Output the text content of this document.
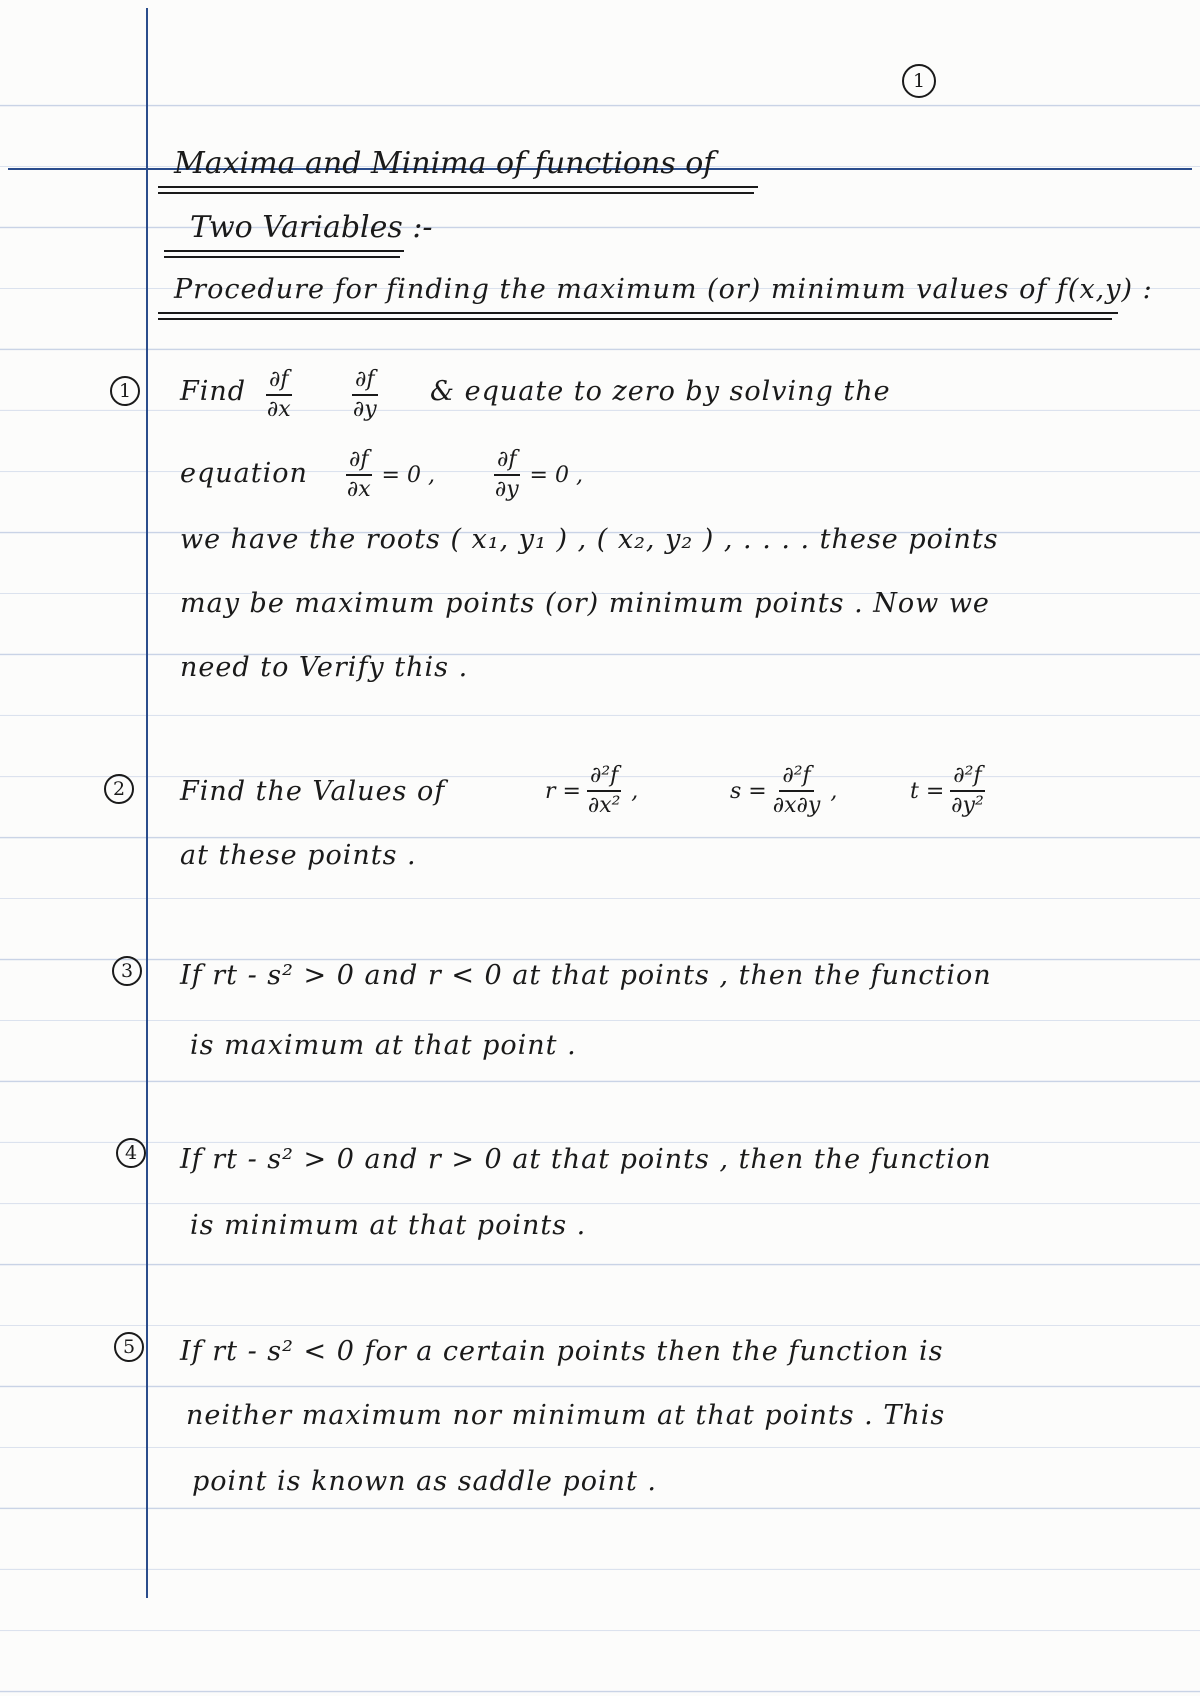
1
Maxima and Minima of functions of
Two Variables :-
Procedure for finding the maximum (or) minimum values of f(x,y) :
1	Find $\frac{\partial f}{\partial x}$	$\frac{\partial f}{\partial y}$ & equate to zero by solving the
equation $\frac{\partial f}{\partial x} = 0$ ,	$\frac{\partial f}{\partial y} = 0$ ,
we have the roots ( x₁, y₁ ) , ( x₂, y₂ ) , . . . . these points
may be maximum points (or) minimum points . Now we
need to Verify this .
2	Find the Values of	$r = \frac{\text{∂²f}}{\text{∂x²}}$ ,	$s = \frac{\text{∂²f}}{\partial x\partial y}$ ,	$t = \frac{\text{∂²f}}{\text{∂y²}}$
at these points .
3	If rt - s² > 0 and r < 0 at that points , then the function
is maximum at that point .
4	If rt - s² > 0 and r > 0 at that points , then the function
is minimum at that points .
5	If rt - s² < 0 for a certain points then the function is
neither maximum nor minimum at that points . This
point is known as saddle point .
